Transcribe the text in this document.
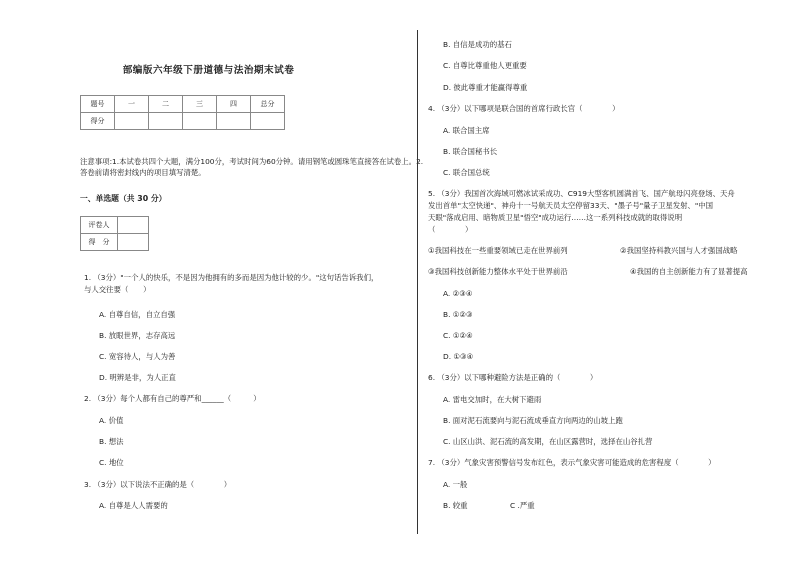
部编版六年级下册道德与法治期末试卷
题号	一	二	三	四	总分
得分					
注意事项:1.本试卷共四个大题，满分100分，考试时间为60分钟。请用钢笔或圆珠笔直接答在试卷上。2.
答卷前请将密封线内的项目填写清楚。
一、单选题（共 30 分）
评卷人	
得　分	
1. （3分）"一个人的快乐，不是因为他拥有的多而是因为他计较的少。"这句话告诉我们，
与人交往要（　　）
A. 自尊自信，自立自强
B. 放眼世界，志存高远
C. 宽容待人，与人为善
D. 明辨是非，为人正直
2. （3分）每个人都有自己的尊严和______（　　　）
A. 价值
B. 想法
C. 地位
3. （3分）以下说法不正确的是（　　　　）
A. 自尊是人人需要的
B. 自信是成功的基石
C. 自尊比尊重他人更重要
D. 彼此尊重才能赢得尊重
4. （3分）以下哪项是联合国的首席行政长官（　　　　）
A. 联合国主席
B. 联合国秘书长
C. 联合国总统
5. （3分）我国首次海域可燃冰试采成功、C919大型客机圆满首飞、国产航母闪亮登场、天舟
发出首单"太空快递"、神舟十一号航天员太空停留33天、"墨子号"量子卫星发射、"中国
天眼"落成启用、暗物质卫星"悟空"成功运行……这一系列科技成就的取得说明
（　　　　）
①我国科技在一些重要领域已走在世界前列	②我国坚持科教兴国与人才强国战略
③我国科技创新能力整体水平处于世界前沿	④我国的自主创新能力有了显著提高
A. ②③④
B. ①②③
C. ①②④
D. ①③④
6. （3分）以下哪种避险方法是正确的（　　　　）
A. 雷电交加时，在大树下避雨
B. 面对泥石流要向与泥石流成垂直方向两边的山坡上跑
C. 山区山洪、泥石流的高发期，在山区露营时，选择在山谷扎营
7. （3分）气象灾害预警信号发布红色，表示气象灾害可能造成的危害程度（　　　　）
A. 一般
B. 较重	C .严重
